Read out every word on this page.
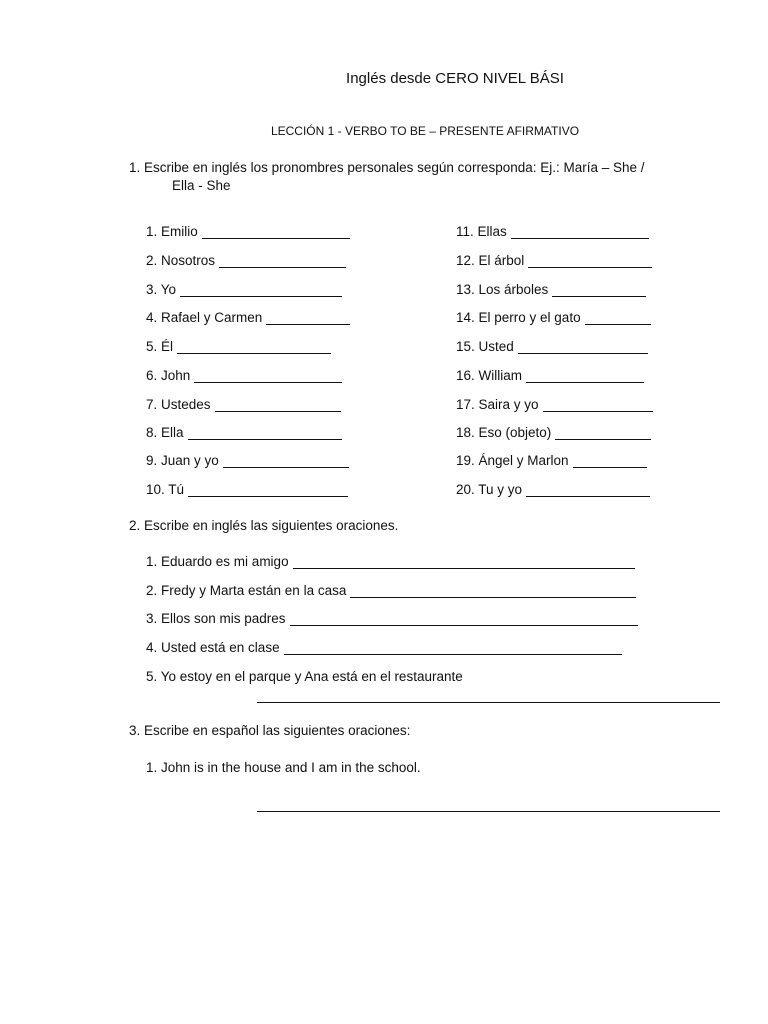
Inglés desde CERO NIVEL BÁSI
LECCIÓN 1 - VERBO TO BE – PRESENTE AFIRMATIVO
1. Escribe en inglés los pronombres personales según corresponda: Ej.: María – She /
Ella - She
1. Emilio
2. Nosotros
3. Yo
4. Rafael y Carmen
5. Él
6. John
7. Ustedes
8. Ella
9. Juan y yo
10. Tú
11. Ellas
12. El árbol
13. Los árboles
14. El perro y el gato
15. Usted
16. William
17. Saira y yo
18. Eso (objeto)
19. Ángel y Marlon
20. Tu y yo
2. Escribe en inglés las siguientes oraciones.
1. Eduardo es mi amigo
2. Fredy y Marta están en la casa
3. Ellos son mis padres
4. Usted está en clase
5. Yo estoy en el parque y Ana está en el restaurante
3. Escribe en español las siguientes oraciones:
1. John is in the house and I am in the school.
